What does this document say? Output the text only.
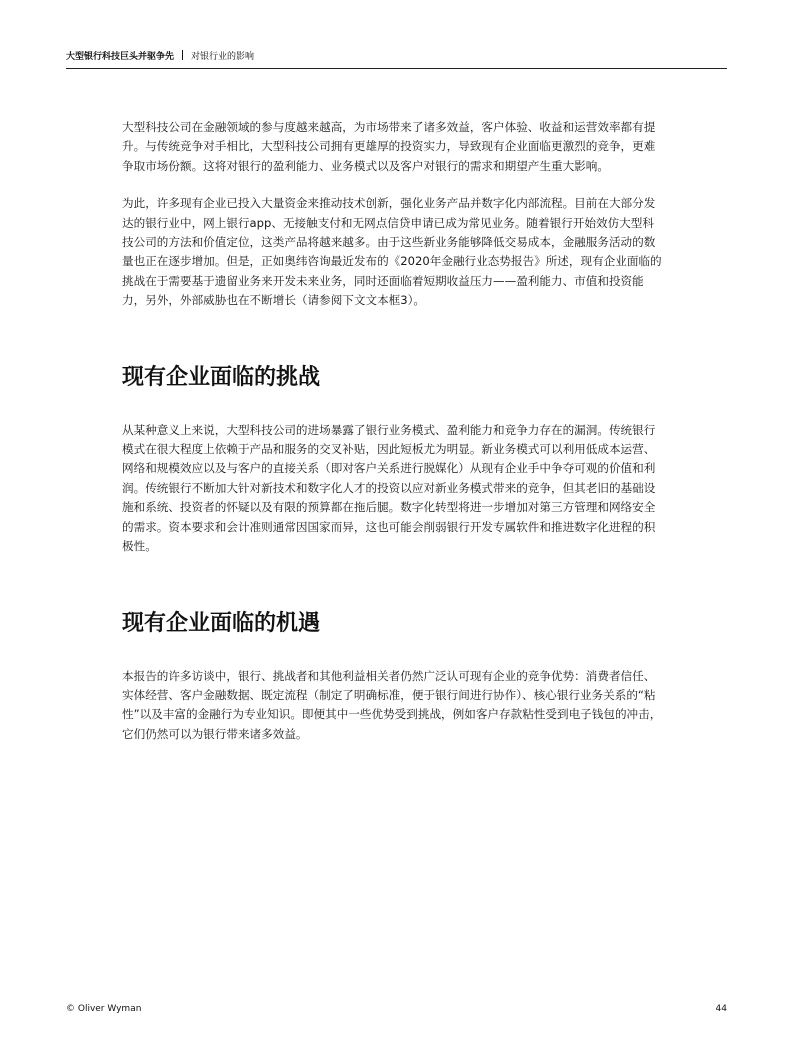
大型银行科技巨头并驱争先 对银行业的影响

大型科技公司在金融领域的参与度越来越高，为市场带来了诸多效益，客户体验、收益和运营效率都有提升。与传统竞争对手相比，大型科技公司拥有更雄厚的投资实力，导致现有企业面临更激烈的竞争，更难争取市场份额。这将对银行的盈利能力、业务模式以及客户对银行的需求和期望产生重大影响。

为此，许多现有企业已投入大量资金来推动技术创新，强化业务产品并数字化内部流程。目前在大部分发达的银行业中，网上银行app、无接触支付和无网点信贷申请已成为常见业务。随着银行开始效仿大型科技公司的方法和价值定位，这类产品将越来越多。由于这些新业务能够降低交易成本，金融服务活动的数量也正在逐步增加。但是，正如奥纬咨询最近发布的《2020年金融行业态势报告》所述，现有企业面临的挑战在于需要基于遗留业务来开发未来业务，同时还面临着短期收益压力——盈利能力、市值和投资能力，另外，外部威胁也在不断增长（请参阅下文文本框3）。

现有企业面临的挑战

从某种意义上来说，大型科技公司的进场暴露了银行业务模式、盈利能力和竞争力存在的漏洞。传统银行模式在很大程度上依赖于产品和服务的交叉补贴，因此短板尤为明显。新业务模式可以利用低成本运营、网络和规模效应以及与客户的直接关系（即对客户关系进行脱媒化）从现有企业手中争夺可观的价值和利润。传统银行不断加大针对新技术和数字化人才的投资以应对新业务模式带来的竞争，但其老旧的基础设施和系统、投资者的怀疑以及有限的预算都在拖后腿。数字化转型将进一步增加对第三方管理和网络安全的需求。资本要求和会计准则通常因国家而异，这也可能会削弱银行开发专属软件和推进数字化进程的积极性。

现有企业面临的机遇

本报告的许多访谈中，银行、挑战者和其他利益相关者仍然广泛认可现有企业的竞争优势：消费者信任、实体经营、客户金融数据、既定流程（制定了明确标准，便于银行间进行协作）、核心银行业务关系的“粘性”以及丰富的金融行为专业知识。即便其中一些优势受到挑战，例如客户存款粘性受到电子钱包的冲击，它们仍然可以为银行带来诸多效益。

© Oliver Wyman	44
